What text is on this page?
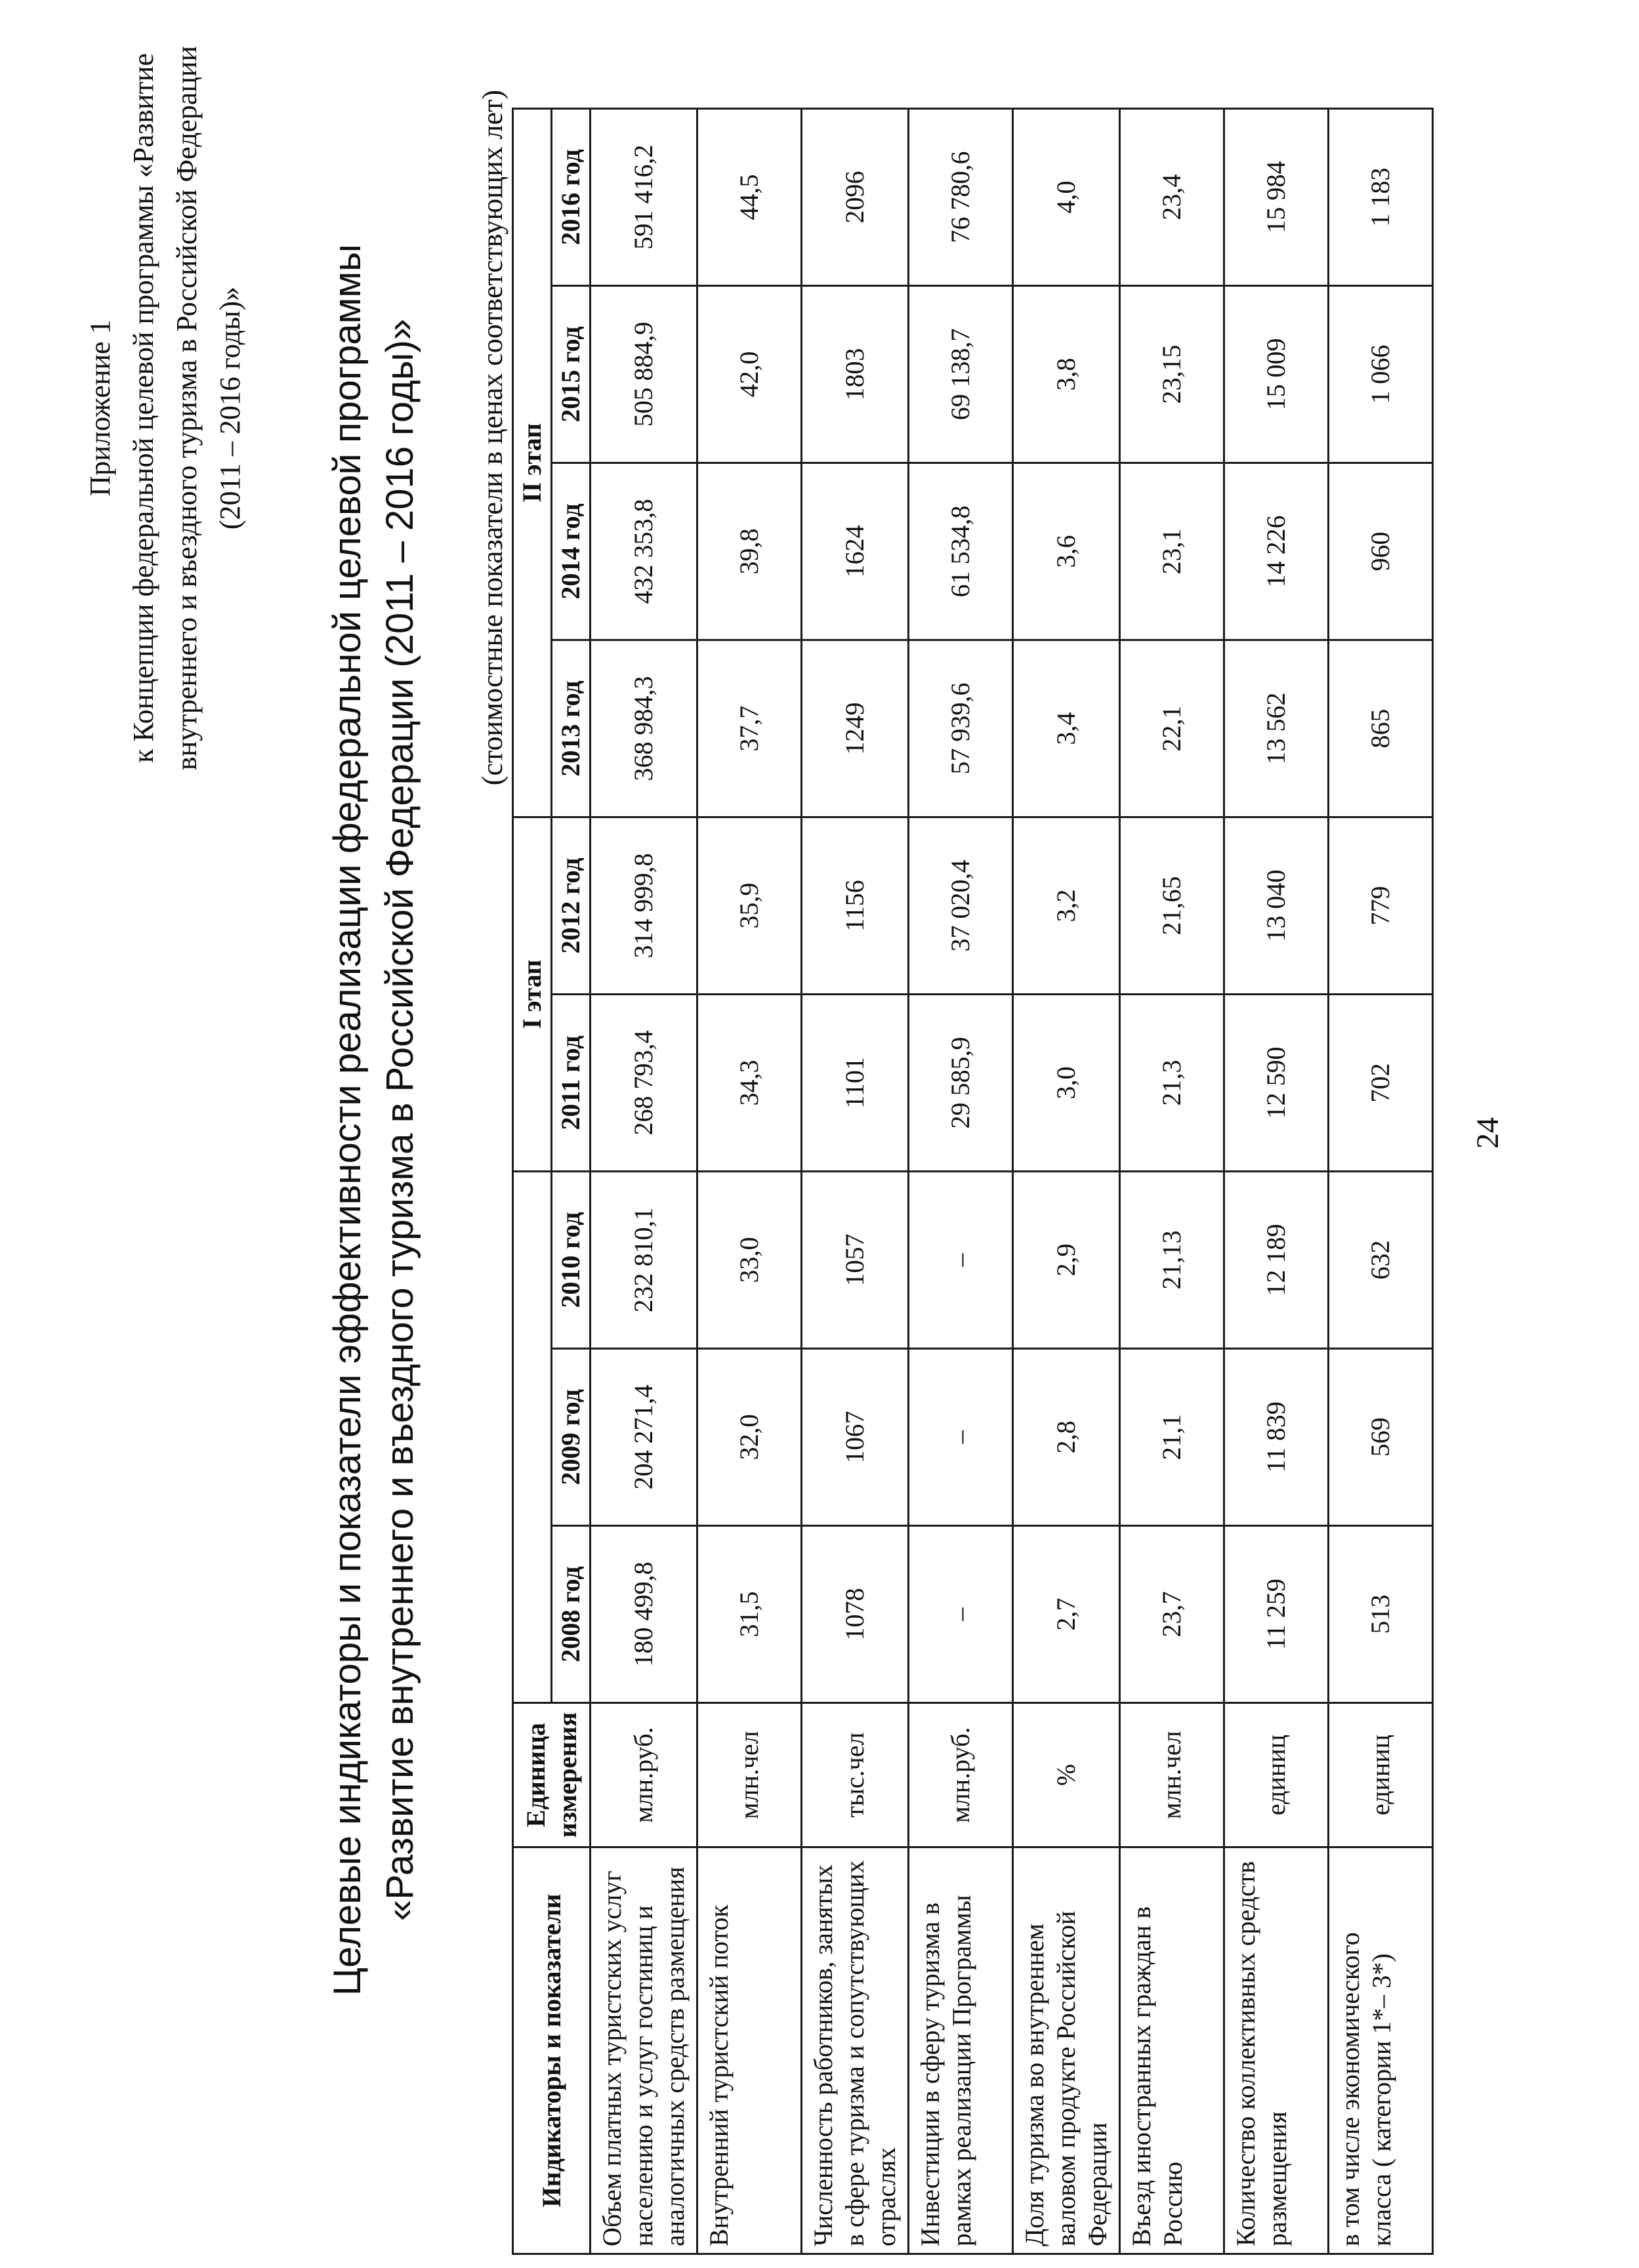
Приложение 1 к Концепции федеральной целевой программы «Развитие внутреннего и въездного туризма в Российской Федерации (2011 – 2016 годы)» Целевые индикаторы и показатели эффективности реализации федеральной целевой программы «Развитие внутреннего и въездного туризма в Российской Федерации (2011 – 2016 годы)» (стоимостные показатели в ценах соответствующих лет)
Индикаторы и показатели	Единица измерения				I этап		II этап			
		2008 год	2009 год	2010 год	2011 год	2012 год	2013 год	2014 год	2015 год	2016 год
Объем платных туристских услуг населению и услуг гостиниц и аналогичных средств размещения	млн.руб.	180 499,8	204 271,4	232 810,1	268 793,4	314 999,8	368 984,3	432 353,8	505 884,9	591 416,2
Внутренний туристский поток	млн.чел	31,5	32,0	33,0	34,3	35,9	37,7	39,8	42,0	44,5
Численность работников, занятых в сфере туризма и сопутствующих отраслях	тыс.чел	1078	1067	1057	1101	1156	1249	1624	1803	2096
Инвестиции в сферу туризма в рамках реализации Программы	млн.руб.	–	–	–	29 585,9	37 020,4	57 939,6	61 534,8	69 138,7	76 780,6
Доля туризма во внутреннем валовом продукте Российской Федерации	%	2,7	2,8	2,9	3,0	3,2	3,4	3,6	3,8	4,0
Въезд иностранных граждан в Россию	млн.чел	23,7	21,1	21,13	21,3	21,65	22,1	23,1	23,15	23,4
Количество коллективных средств размещения	единиц	11 259	11 839	12 189	12 590	13 040	13 562	14 226	15 009	15 984
в том числе экономического класса ( категории 1*– 3*)	единиц	513	569	632	702	779	865	960	1 066	1 183
24
